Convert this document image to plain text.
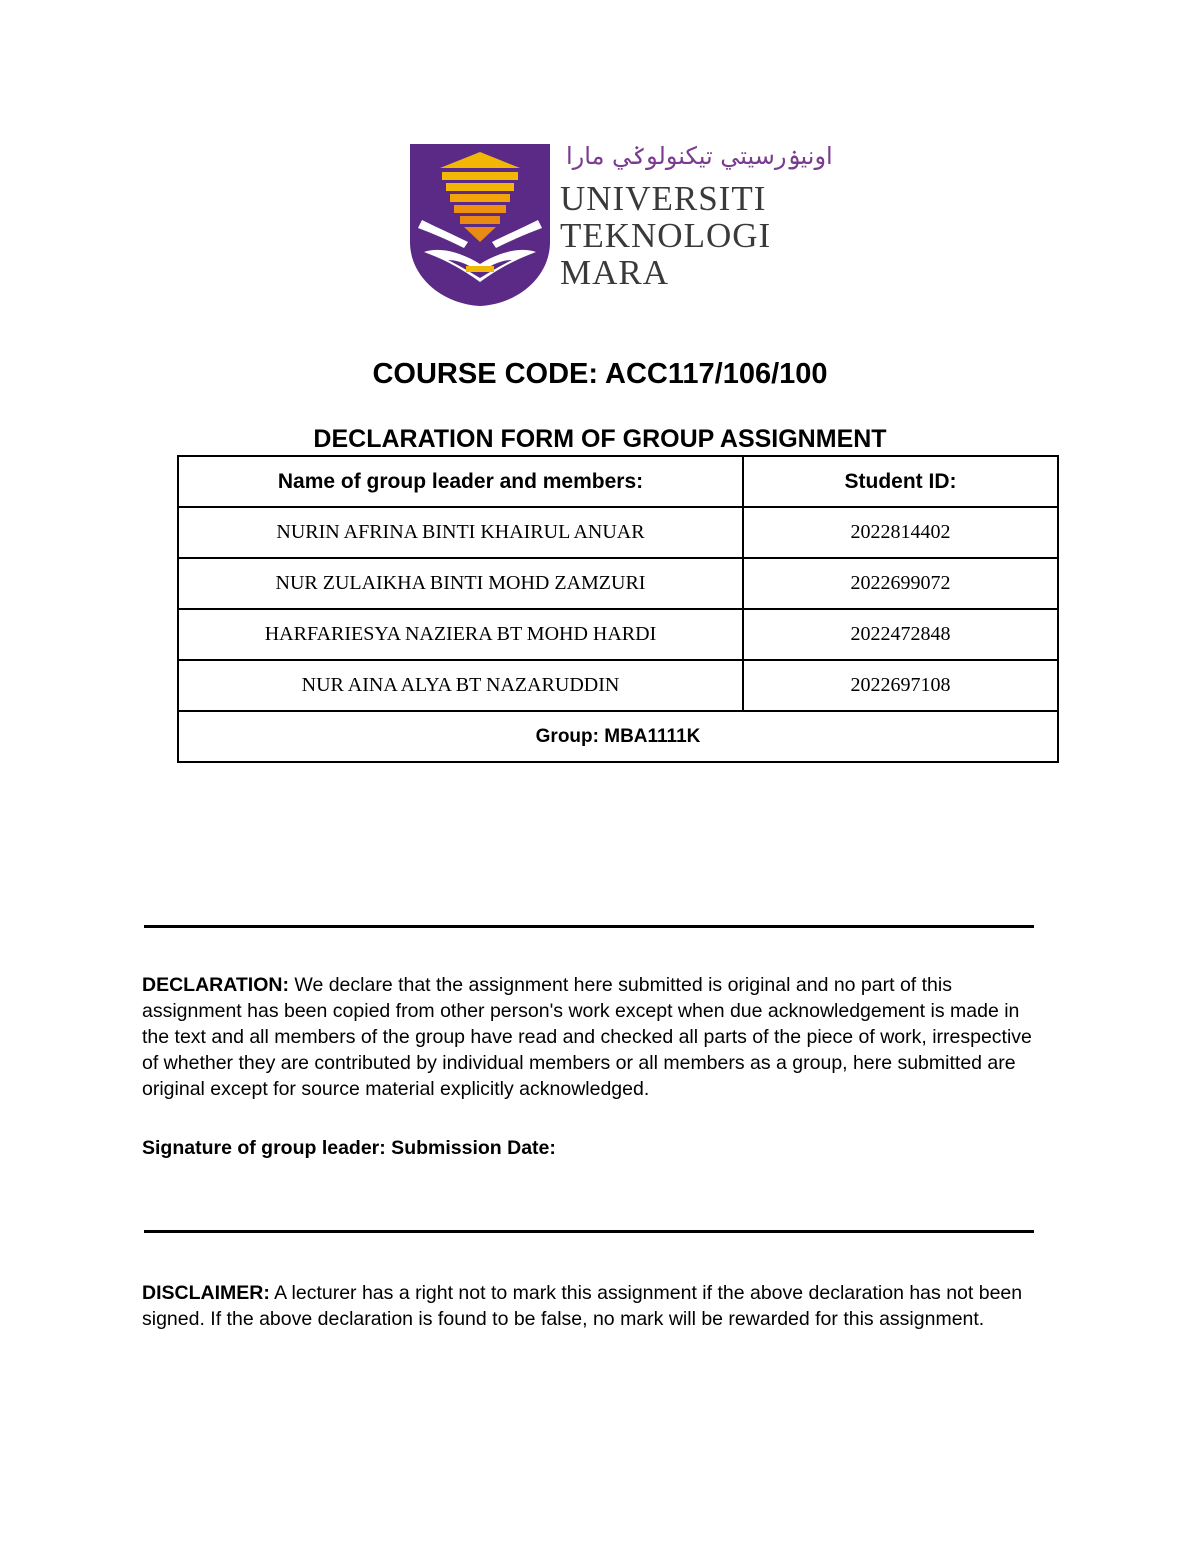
اونيۏرسيتي تيكنولوݢي مارا
UNIVERSITI
TEKNOLOGI
MARA
COURSE CODE: ACC117/106/100
DECLARATION FORM OF GROUP ASSIGNMENT
Name of group leader and members:	Student ID:
NURIN AFRINA BINTI KHAIRUL ANUAR	2022814402
NUR ZULAIKHA BINTI MOHD ZAMZURI	2022699072
HARFARIESYA NAZIERA BT MOHD HARDI	2022472848
NUR AINA ALYA BT NAZARUDDIN	2022697108
Group: MBA1111K	
DECLARATION: We declare that the assignment here submitted is original and no part of this assignment has been copied from other person's work except when due acknowledgement is made in the text and all members of the group have read and checked all parts of the piece of work, irrespective of whether they are contributed by individual members or all members as a group, here submitted are original except for source material explicitly acknowledged.
Signature of group leader: Submission Date:
DISCLAIMER: A lecturer has a right not to mark this assignment if the above declaration has not been signed. If the above declaration is found to be false, no mark will be rewarded for this assignment.
